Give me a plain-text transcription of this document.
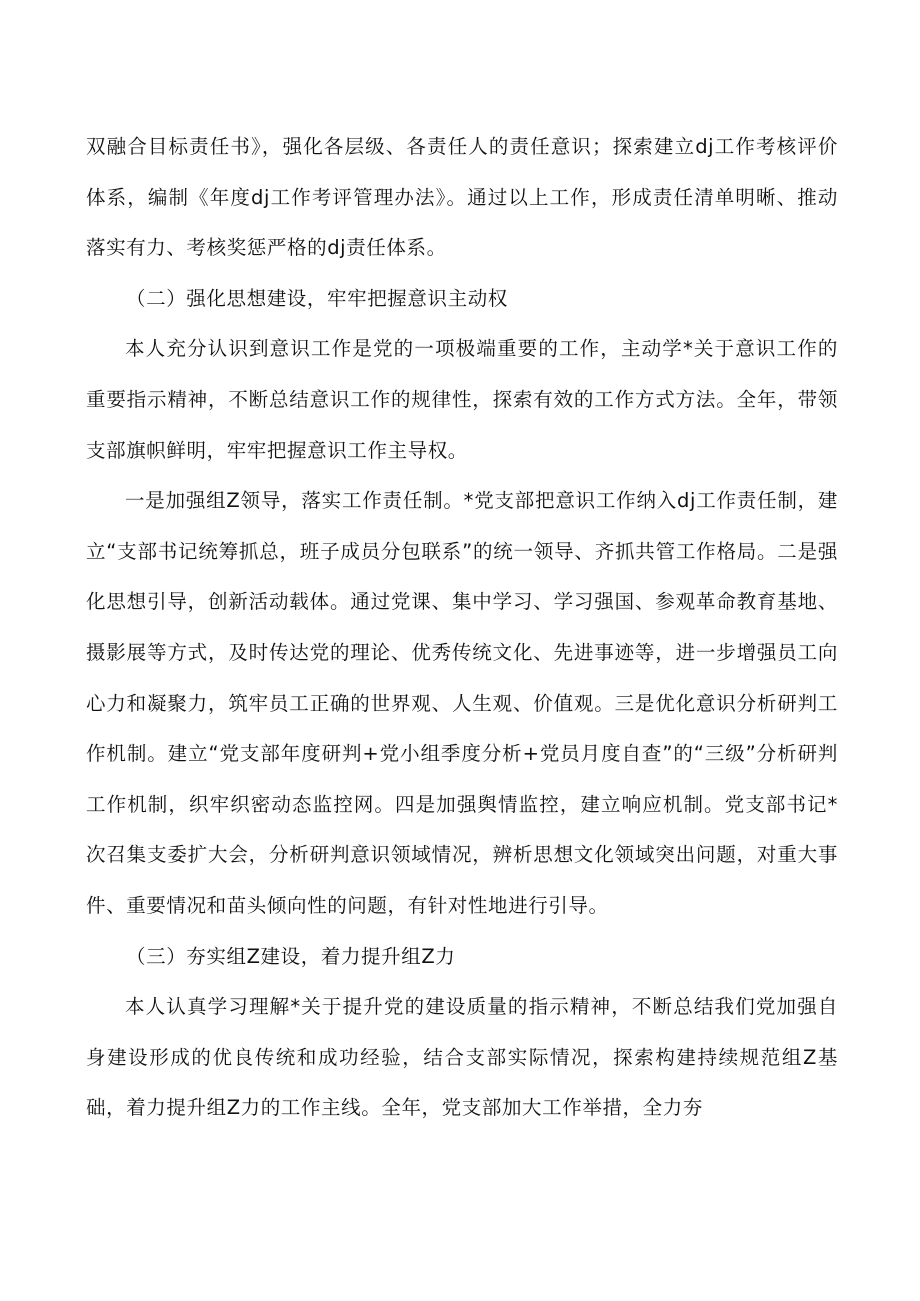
双融合目标责任书》，强化各层级、各责任人的责任意识；探索建立dj工作考核评价体系，编制《年度dj工作考评管理办法》。通过以上工作，形成责任清单明晰、推动落实有力、考核奖惩严格的dj责任体系。

（二）强化思想建设，牢牢把握意识主动权

本人充分认识到意识工作是党的一项极端重要的工作，主动学*关于意识工作的重要指示精神，不断总结意识工作的规律性，探索有效的工作方式方法。全年，带领支部旗帜鲜明，牢牢把握意识工作主导权。

一是加强组Z领导，落实工作责任制。*党支部把意识工作纳入dj工作责任制，建立“支部书记统筹抓总，班子成员分包联系”的统一领导、齐抓共管工作格局。二是强化思想引导，创新活动载体。通过党课、集中学习、学习强国、参观革命教育基地、摄影展等方式，及时传达党的理论、优秀传统文化、先进事迹等，进一步增强员工向心力和凝聚力，筑牢员工正确的世界观、人生观、价值观。三是优化意识分析研判工作机制。建立“党支部年度研判+党小组季度分析+党员月度自查”的“三级”分析研判工作机制，织牢织密动态监控网。四是加强舆情监控，建立响应机制。党支部书记*次召集支委扩大会，分析研判意识领域情况，辨析思想文化领域突出问题，对重大事件、重要情况和苗头倾向性的问题，有针对性地进行引导。

（三）夯实组Z建设，着力提升组Z力

本人认真学习理解*关于提升党的建设质量的指示精神，不断总结我们党加强自身建设形成的优良传统和成功经验，结合支部实际情况，探索构建持续规范组Z基础，着力提升组Z力的工作主线。全年，党支部加大工作举措，全力夯
